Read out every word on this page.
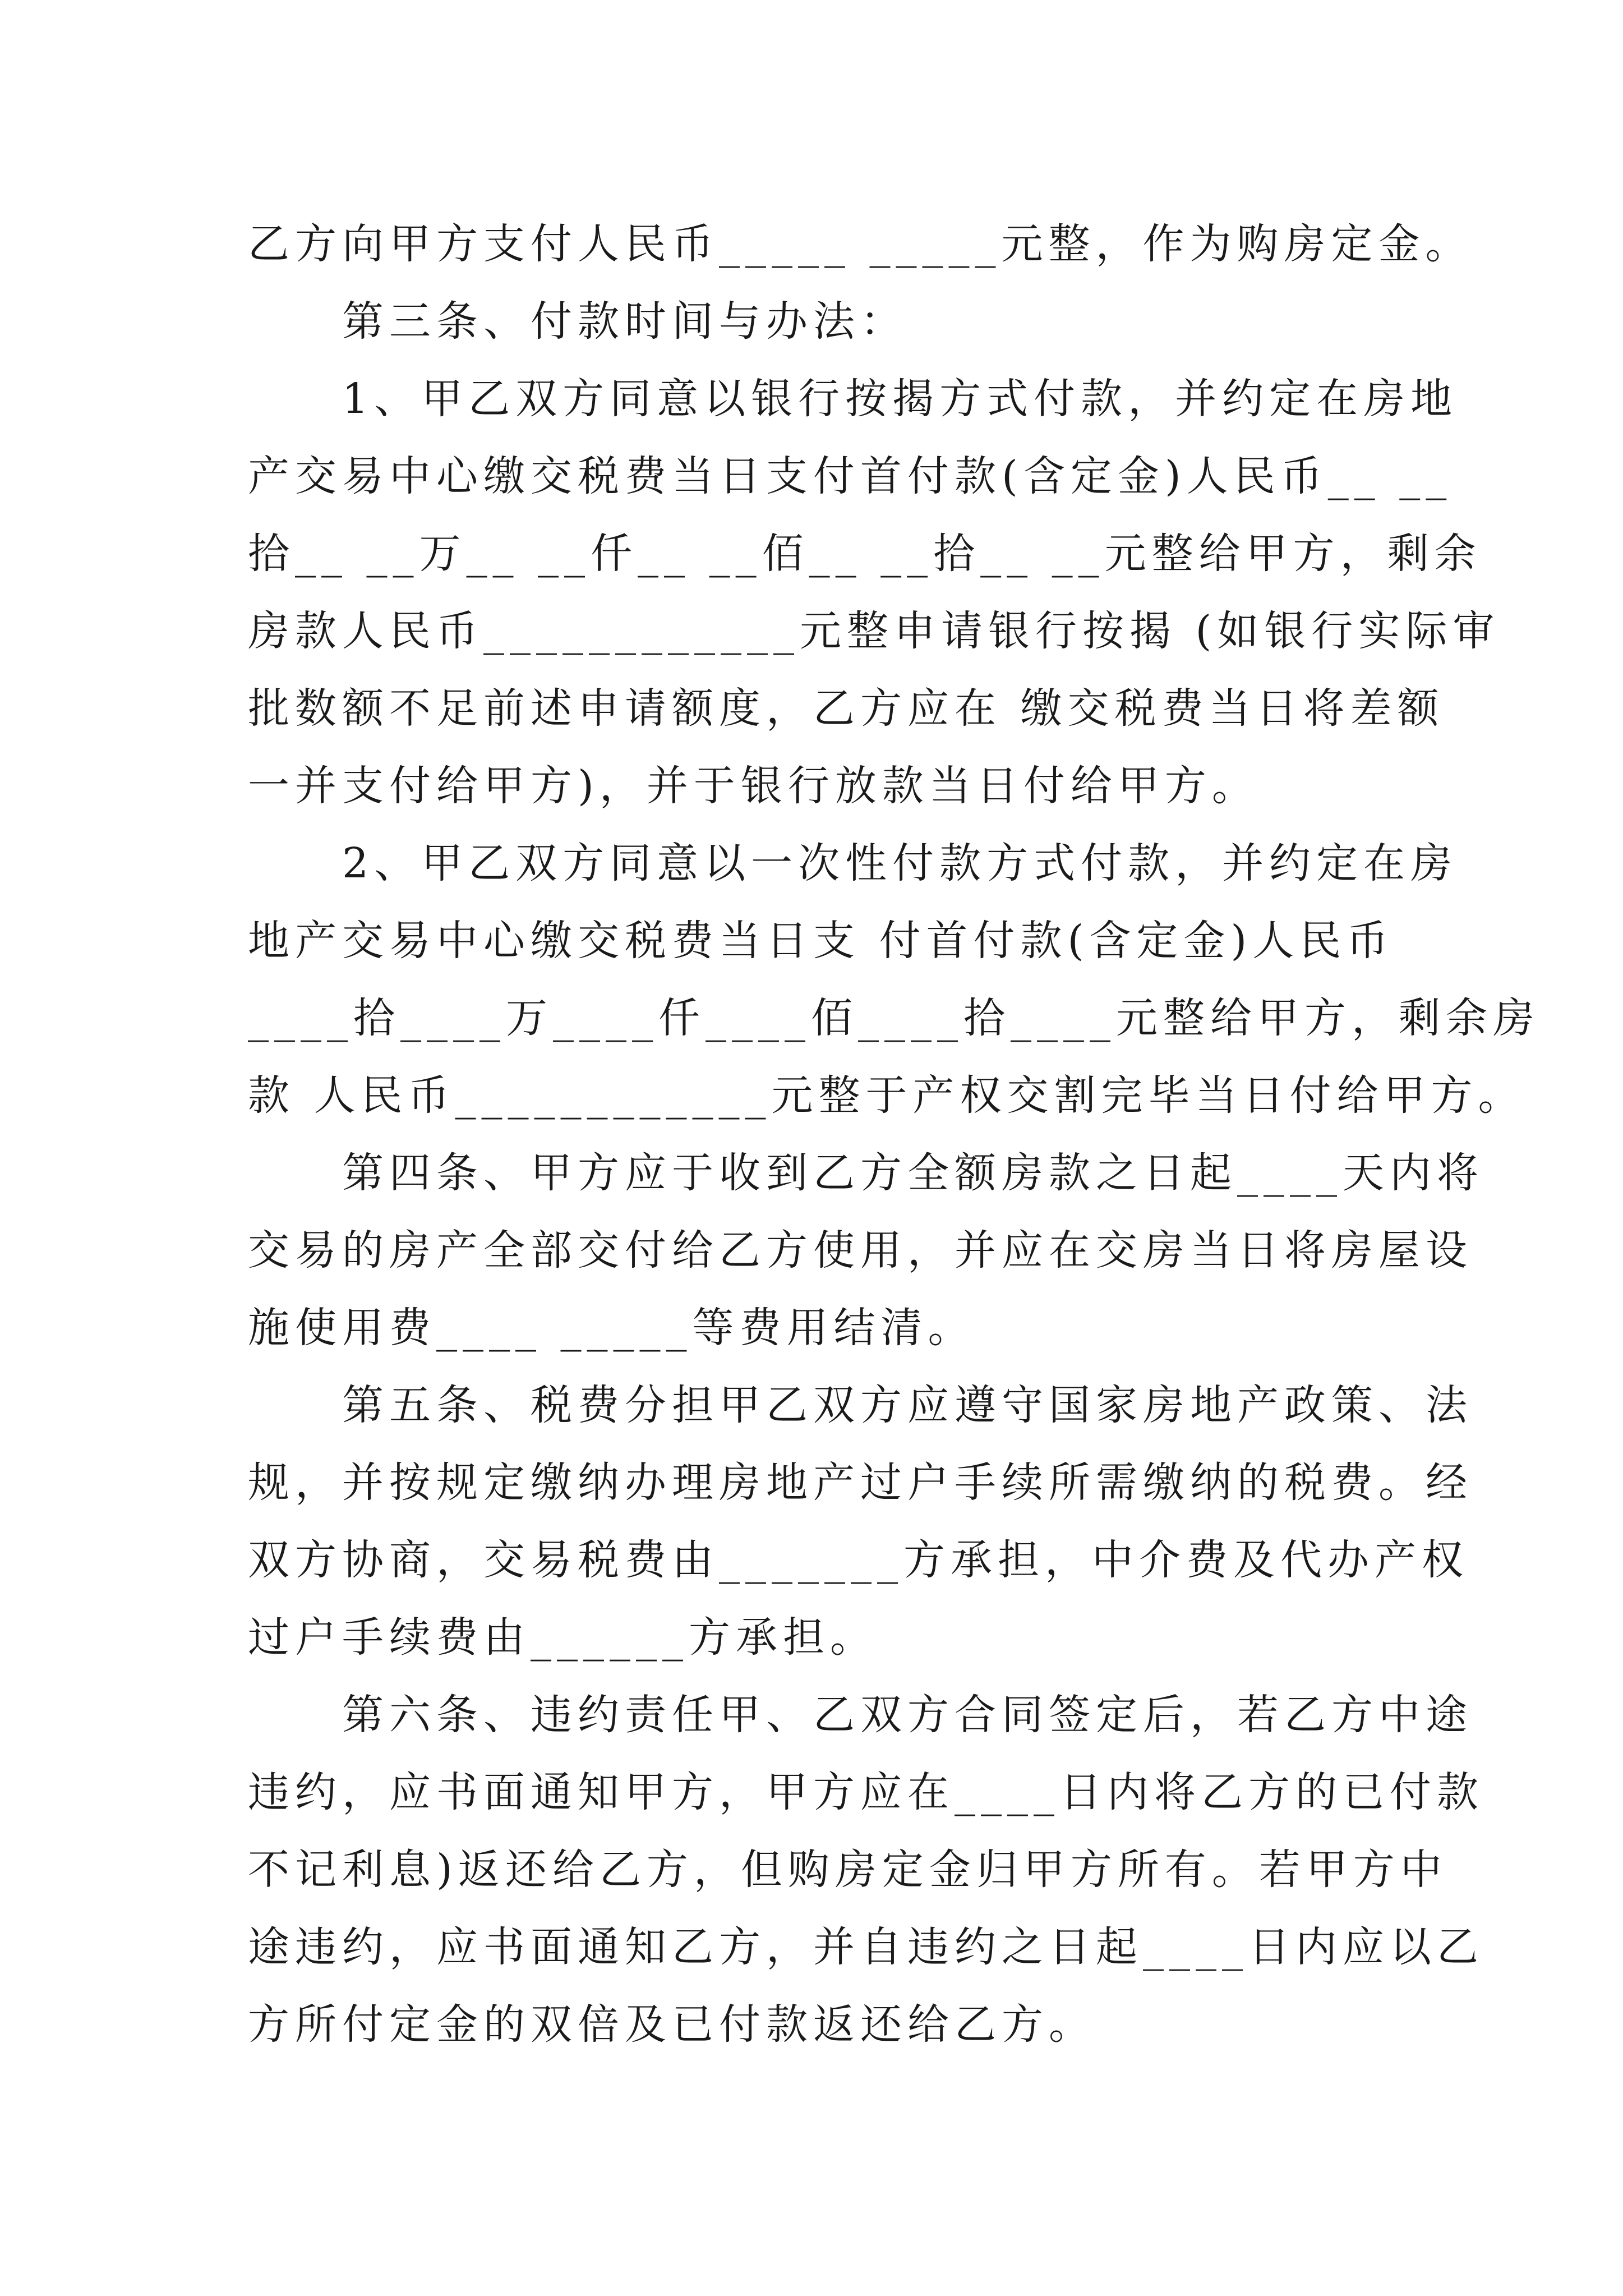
乙方向甲方支付人民币_____ _____元整，作为购房定金。
　　第三条、付款时间与办法：
　　1、甲乙双方同意以银行按揭方式付款，并约定在房地
产交易中心缴交税费当日支付首付款(含定金)人民币__ __
拾__ __万__ __仟__ __佰__ __拾__ __元整给甲方，剩余
房款人民币____________元整申请银行按揭 (如银行实际审
批数额不足前述申请额度，乙方应在 缴交税费当日将差额
一并支付给甲方)，并于银行放款当日付给甲方。
　　2、甲乙双方同意以一次性付款方式付款，并约定在房
地产交易中心缴交税费当日支 付首付款(含定金)人民币
____拾____万____仟____佰____拾____元整给甲方，剩余房
款 人民币____________元整于产权交割完毕当日付给甲方。
　　第四条、甲方应于收到乙方全额房款之日起____天内将
交易的房产全部交付给乙方使用，并应在交房当日将房屋设
施使用费____ _____等费用结清。
　　第五条、税费分担甲乙双方应遵守国家房地产政策、法
规，并按规定缴纳办理房地产过户手续所需缴纳的税费。经
双方协商，交易税费由_______方承担，中介费及代办产权
过户手续费由______方承担。
　　第六条、违约责任甲、乙双方合同签定后，若乙方中途
违约，应书面通知甲方，甲方应在____日内将乙方的已付款
不记利息)返还给乙方，但购房定金归甲方所有。若甲方中
途违约，应书面通知乙方，并自违约之日起____日内应以乙
方所付定金的双倍及已付款返还给乙方。
